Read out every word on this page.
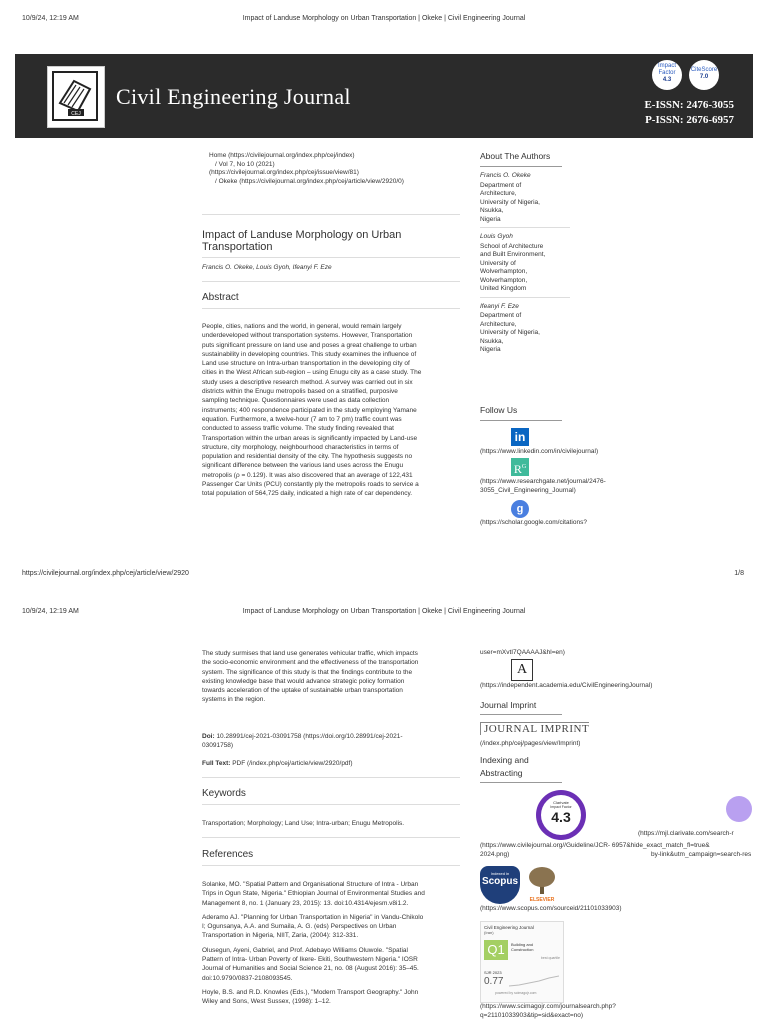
10/9/24, 12:19 AM	Impact of Landuse Morphology on Urban Transportation | Okeke | Civil Engineering Journal
CEJ
Civil Engineering Journal
Impact
Factor
4.3
CiteScore
7.0
E-ISSN: 2476-3055
P-ISSN: 2676-6957
Home (https://civilejournal.org/index.php/cej/index)
/ Vol 7, No 10 (2021)
(https://civilejournal.org/index.php/cej/issue/view/81)
/ Okeke (https://civilejournal.org/index.php/cej/article/view/2920/0)
Impact of Landuse Morphology on Urban
Transportation
Francis O. Okeke, Louis Gyoh, Ifeanyi F. Eze
Abstract
People, cities, nations and the world, in general, would remain largely
underdeveloped without transportation systems. However, Transportation
puts significant pressure on land use and poses a great challenge to urban
sustainability in developing countries. This study examines the influence of
Land use structure on Intra-urban transportation in the developing city of
cities in the West African sub-region – using Enugu city as a case study. The
study uses a descriptive research method. A survey was carried out in six
districts within the Enugu metropolis based on a stratified, purposive
sampling technique. Questionnaires were used as data collection
instruments; 400 respondence participated in the study employing Yamane
equation. Furthermore, a twelve-hour (7 am to 7 pm) traffic count was
conducted to assess traffic volume. The study finding revealed that
Transportation within the urban areas is significantly impacted by Land-use
structure, city morphology, neighbourhood characteristics in terms of
population and residential density of the city. The hypothesis suggests no
significant difference between the various land uses across the Enugu
metropolis (ρ = 0.129). It was also discovered that an average of 122,431
Passenger Car Units (PCU) constantly ply the metropolis roads to service a
total population of 564,725 daily, indicated a high rate of car dependency.
About The Authors
Francis O. Okeke
Department of
Architecture,
University of Nigeria,
Nsukka,
Nigeria
Louis Gyoh
School of Architecture
and Built Environment,
University of
Wolverhampton,
Wolverhampton,
United Kingdom
Ifeanyi F. Eze
Department of
Architecture,
University of Nigeria,
Nsukka,
Nigeria
Follow Us
in
(https://www.linkedin.com/in/civilejournal)
$R^G$
(https://www.researchgate.net/journal/2476-
3055_Civil_Engineering_Journal)
g
(https://scholar.google.com/citations?
https://civilejournal.org/index.php/cej/article/view/2920	1/8
10/9/24, 12:19 AM	Impact of Landuse Morphology on Urban Transportation | Okeke | Civil Engineering Journal
The study surmises that land use generates vehicular traffic, which impacts
the socio-economic environment and the effectiveness of the transportation
system. The significance of this study is that the findings contribute to the
existing knowledge base that would advance strategic policy formation
towards acceleration of the uptake of sustainable urban transportation
systems in the region.
Doi: 10.28991/cej-2021-03091758 (https://doi.org/10.28991/cej-2021-
03091758)
Full Text: PDF (/index.php/cej/article/view/2920/pdf)
Keywords
Transportation; Morphology; Land Use; Intra-urban; Enugu Metropolis.
References
Solanke, MO. "Spatial Pattern and Organisational Structure of Intra - Urban
Trips in Ogun State, Nigeria." Ethiopian Journal of Environmental Studies and
Management 8, no. 1 (January 23, 2015): 13. doi:10.4314/ejesm.v8i1.2.
Aderamo AJ. "Planning for Urban Transportation in Nigeria" in Vandu-Chikolo
I; Ogunsanya, A.A. and Sumaila, A. G. (eds) Perspectives on Urban
Transportation in Nigeria, NIIT, Zaria, (2004): 312-331.
Olusegun, Ayeni, Gabriel, and Prof. Adebayo Williams Oluwole. "Spatial
Pattern of Intra- Urban Poverty of Ikere- Ekiti, Southwestern Nigeria." IOSR
Journal of Humanities and Social Science 21, no. 08 (August 2016): 35–45.
doi:10.9790/0837-2108093545.
Hoyle, B.S. and R.D. Knowles (Eds.), "Modern Transport Geography." John
Wiley and Sons, West Sussex, (1998): 1–12.
user=mXvtI7QAAAAJ&hl=en)
A
(https://independent.academia.edu/CivilEngineeringJournal)
Journal Imprint
JOURNAL IMPRINT
(/index.php/cej/pages/view/Imprint)
Indexing and
Abstracting
Clarivate
Impact Factor
4.3
(https://mjl.clarivate.com/search-r
(https://www.civilejournal.org//Guideline/JCR- 6957&hide_exact_match_fl=true&
2024.png)	by-link&utm_campaign=search-res
Indexed in
Scopus
ELSEVIER
(https://www.scopus.com/sourceid/21101033903)
Civil Engineering Journal
(Iran)
Q1	Building and
Construction
best quartile
SJR 2023
0.77
powered by scimagojr.com
(https://www.scimagojr.com/journalsearch.php?
q=21101033903&tip=sid&exact=no)
